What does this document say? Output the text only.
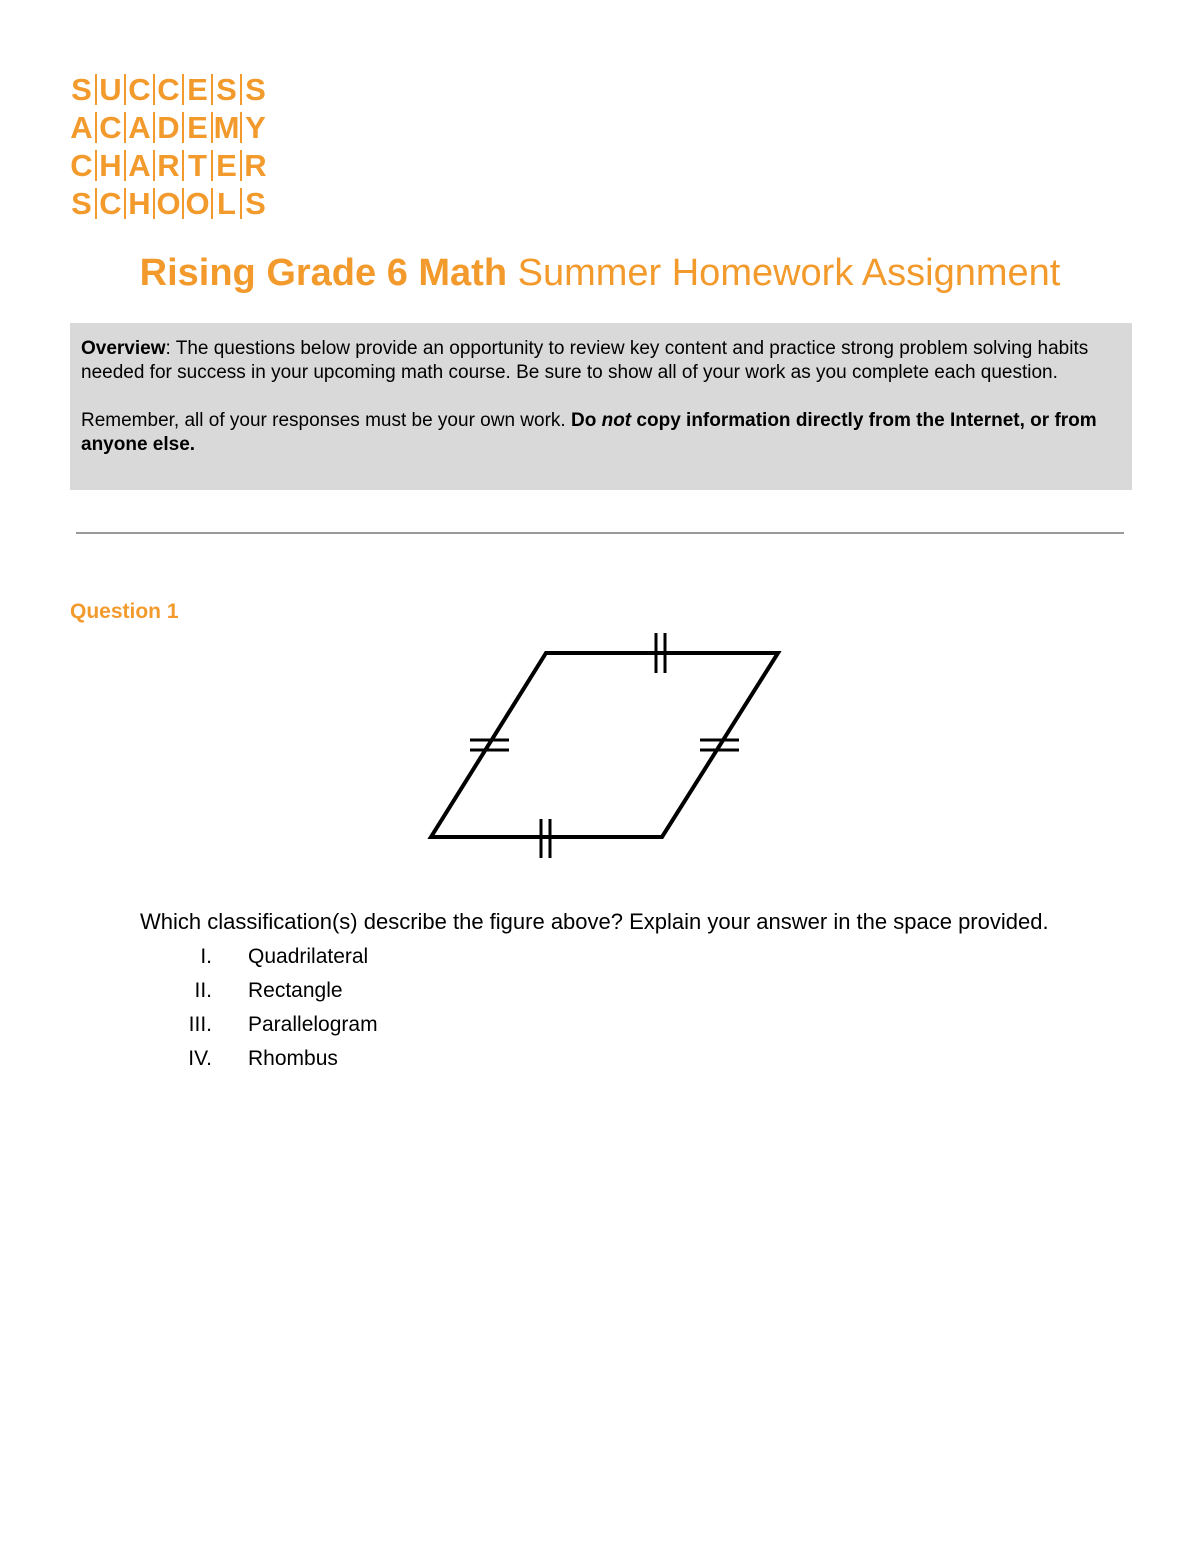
S U C C E S S
A C A D E M Y
C H A R T E R
S C H O O L S
Rising Grade 6 Math Summer Homework Assignment

Overview: The questions below provide an opportunity to review key content and practice strong problem solving habits needed for success in your upcoming math course. Be sure to show all of your work as you complete each question.

Remember, all of your responses must be your own work. Do not copy information directly from the Internet, or from anyone else.

Question 1
Which classification(s) describe the figure above? Explain your answer in the space provided.
I. Quadrilateral
II. Rectangle
III. Parallelogram
IV. Rhombus
